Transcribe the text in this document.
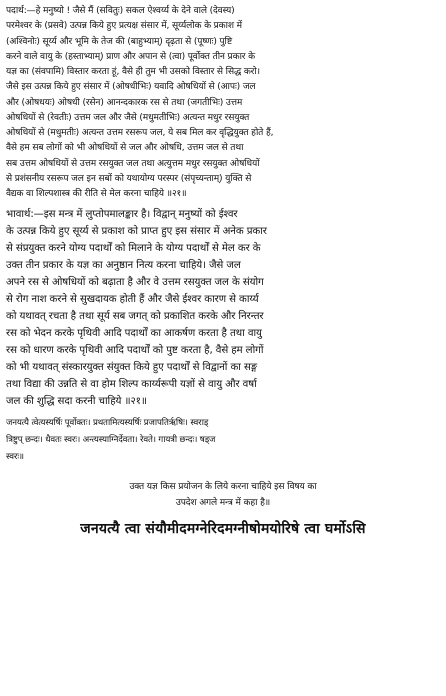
पदार्थ:—हे मनुष्यो ! जैसे मैं (सवितुः) सकल ऐश्वर्य्य के देने वाले (देवस्य)
परमेश्वर के (प्रसवे) उत्पन्न किये हुए प्रत्यक्ष संसार में, सूर्य्यलोक के प्रकाश में
(अश्विनोः) सूर्य्य और भूमि के तेज की (बाहुभ्याम्) दृढ़ता से (पूष्णः) पुष्टि
करने वाले वायु के (हस्ताभ्याम्) प्राण और अपान से (त्वा) पूर्वोक्त तीन प्रकार के
यज्ञ का (संवपामि) विस्तार करता हूं, वैसे ही तुम भी उसको विस्तार से सिद्ध करो।
जैसे इस उत्पन्न किये हुए संसार में (ओषधीभिः) यवादि ओषधियों से (आपः) जल
और (ओषधयः) ओषधी (रसेन) आनन्दकारक रस से तथा (जगतीभिः) उत्तम
ओषधियों से (रेवतीः) उत्तम जल और जैसे (मधुमतीभिः) अत्यन्त मधुर रसयुक्त
ओषधियों से (मधुमतीः) अत्यन्त उत्तम रसरूप जल, ये सब मिल कर वृद्धियुक्त होते हैं,
वैसे हम सब लोगों को भी ओषधियों से जल और ओषधि, उत्तम जल से तथा
सब उत्तम ओषधियों से उत्तम रसयुक्त जल तथा अत्युत्तम मधुर रसयुक्त ओषधियों
से प्रशंसनीय रसरूप जल इन सबों को यथायोग्य परस्पर (संपृच्यन्ताम्) युक्ति से
वैद्यक वा शिल्पशास्त्र की रीति से मेल करना चाहिये ॥२१॥
भावार्थ:—इस मन्त्र में लुप्तोपमालङ्कार है। विद्वान् मनुष्यों को ईश्वर
के उत्पन्न किये हुए सूर्य्य से प्रकाश को प्राप्त हुए इस संसार में अनेक प्रकार
से संप्रयुक्त करने योग्य पदार्थों को मिलाने के योग्य पदार्थों से मेल कर के
उक्त तीन प्रकार के यज्ञ का अनुष्ठान नित्य करना चाहिये। जैसे जल
अपने रस से ओषधियों को बढ़ाता है और वे उत्तम रसयुक्त जल के संयोग
से रोग नाश करने से सुखदायक होती हैं और जैसे ईश्वर कारण से कार्य्य
को यथावत् रचता है तथा सूर्य सब जगत् को प्रकाशित करके और निरन्तर
रस को भेदन करके पृथिवी आदि पदार्थों का आकर्षण करता है तथा वायु
रस को धारण करके पृथिवी आदि पदार्थों को पुष्ट करता है, वैसे हम लोगों
को भी यथावत् संस्कारयुक्त संयुक्त किये हुए पदार्थों से विद्वानों का सङ्ग
तथा विद्या की उन्नति से वा होम शिल्प कार्य्यरूपी यज्ञों से वायु और वर्षा
जल की शुद्धि सदा करनी चाहिये ॥२१॥
जनयत्यै त्वेत्यस्यर्षिः पूर्वोक्तः। प्रथतामित्यस्यर्षिः प्रजापतिर्ऋषिः। स्वराड्
त्रिष्टुप् छन्दः। धैवतः स्वरः। अन्त्यस्याग्निर्देवता। रेवते। गायत्री छन्दः। षड्ज
स्वरः॥
उक्त यज्ञ किस प्रयोजन के लिये करना चाहिये इस विषय का
उपदेश अगले मन्त्र में कहा है॥
जनयत्यै त्वा संयौमीदमग्नेरिदमग्नीषोमयोरिषे त्वा घर्मोऽसि
